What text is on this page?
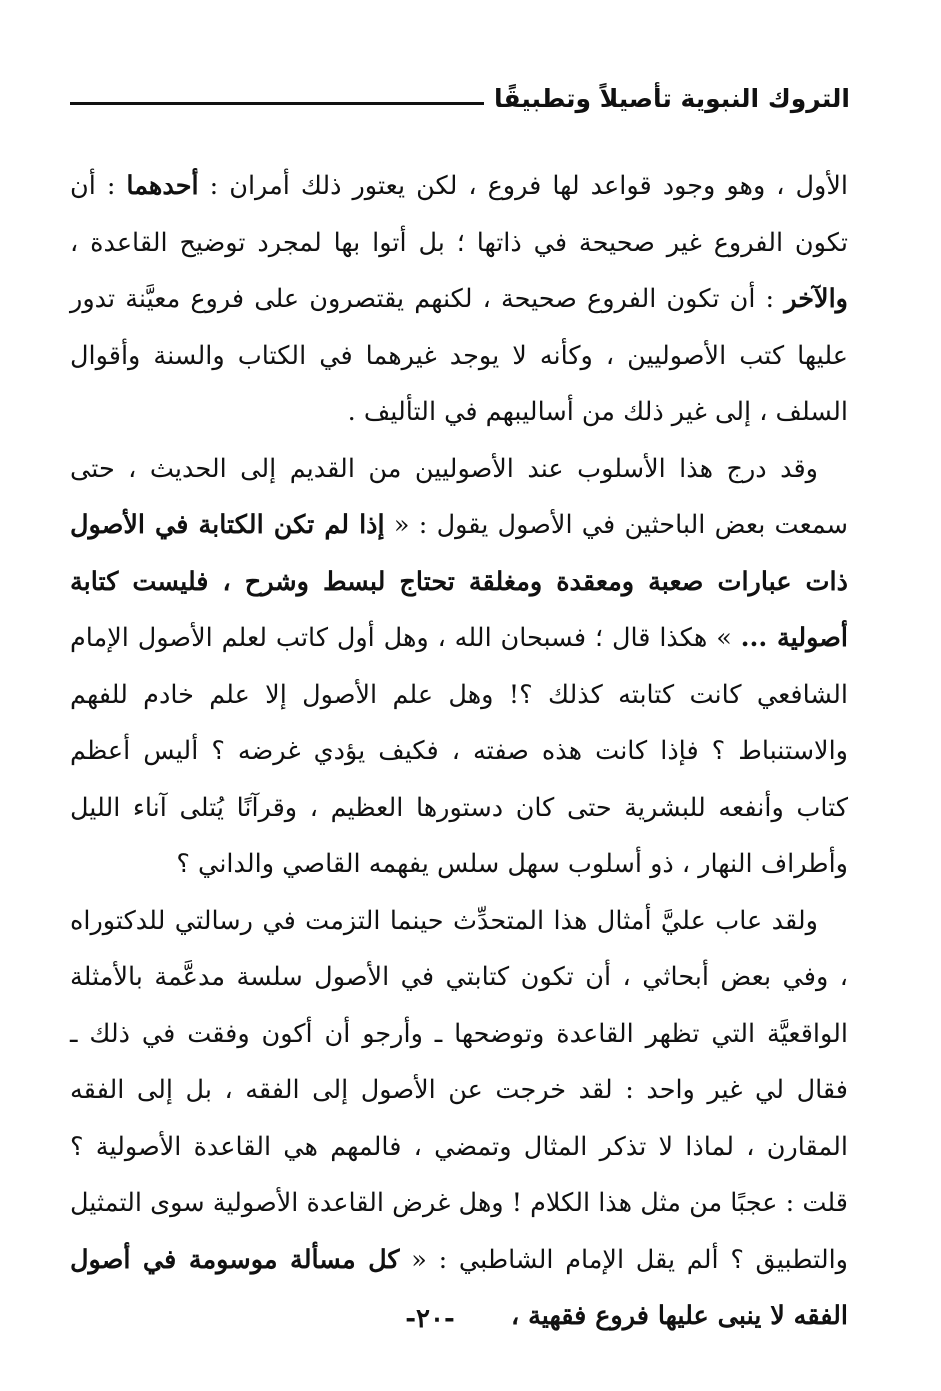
التروك النبوية تأصيلاً وتطبيقًا

الأول ، وهو وجود قواعد لها فروع ، لكن يعتور ذلك أمران : أحدهما : أن تكون الفروع غير صحيحة في ذاتها ؛ بل أتوا بها لمجرد توضيح القاعدة ، والآخر : أن تكون الفروع صحيحة ، لكنهم يقتصرون على فروع معيَّنة تدور عليها كتب الأصوليين ، وكأنه لا يوجد غيرهما في الكتاب والسنة وأقوال السلف ، إلى غير ذلك من أساليبهم في التأليف .

وقد درج هذا الأسلوب عند الأصوليين من القديم إلى الحديث ، حتى سمعت بعض الباحثين في الأصول يقول : « إذا لم تكن الكتابة في الأصول ذات عبارات صعبة ومعقدة ومغلقة تحتاج لبسط وشرح ، فليست كتابة أصولية ... » هكذا قال ؛ فسبحان الله ، وهل أول كاتب لعلم الأصول الإمام الشافعي كانت كتابته كذلك ؟! وهل علم الأصول إلا علم خادم للفهم والاستنباط ؟ فإذا كانت هذه صفته ، فكيف يؤدي غرضه ؟ أليس أعظم كتاب وأنفعه للبشرية حتى كان دستورها العظيم ، وقرآنًا يُتلى آناء الليل وأطراف النهار ، ذو أسلوب سهل سلس يفهمه القاصي والداني ؟

ولقد عاب عليَّ أمثال هذا المتحدِّث حينما التزمت في رسالتي للدكتوراه ، وفي بعض أبحاثي ، أن تكون كتابتي في الأصول سلسة مدعَّمة بالأمثلة الواقعيَّة التي تظهر القاعدة وتوضحها ـ وأرجو أن أكون وفقت في ذلك ـ فقال لي غير واحد : لقد خرجت عن الأصول إلى الفقه ، بل إلى الفقه المقارن ، لماذا لا تذكر المثال وتمضي ، فالمهم هي القاعدة الأصولية ؟ قلت : عجبًا من مثل هذا الكلام ! وهل غرض القاعدة الأصولية سوى التمثيل والتطبيق ؟ ألم يقل الإمام الشاطبي : « كل مسألة موسومة في أصول الفقه لا ينبى عليها فروع فقهية ،

-٢٠-
